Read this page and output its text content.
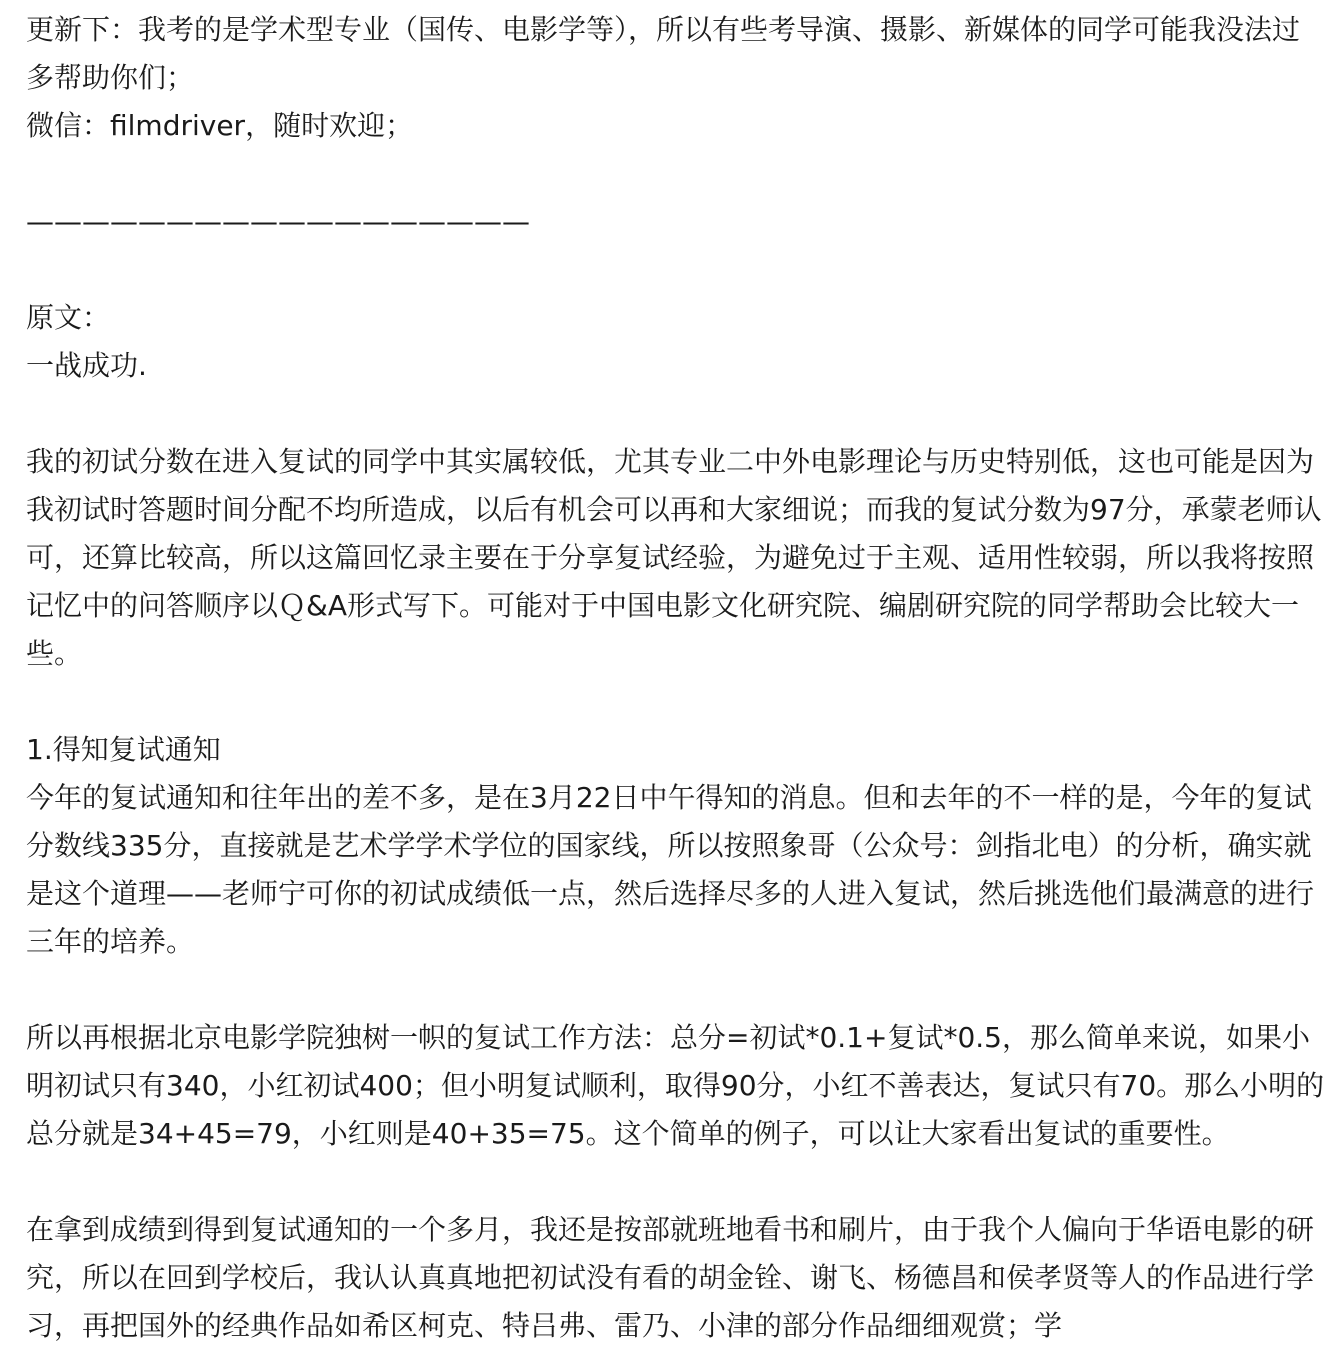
更新下：我考的是学术型专业（国传、电影学等），所以有些考导演、摄影、新媒体的同学可能我没法过多帮助你们；

微信：filmdriver，随时欢迎；

——————————————————

原文：

一战成功.

我的初试分数在进入复试的同学中其实属较低，尤其专业二中外电影理论与历史特别低，这也可能是因为我初试时答题时间分配不均所造成，以后有机会可以再和大家细说；而我的复试分数为97分，承蒙老师认可，还算比较高，所以这篇回忆录主要在于分享复试经验，为避免过于主观、适用性较弱，所以我将按照记忆中的问答顺序以Ｑ&A形式写下。可能对于中国电影文化研究院、编剧研究院的同学帮助会比较大一些。

1.得知复试通知

今年的复试通知和往年出的差不多，是在3月22日中午得知的消息。但和去年的不一样的是，今年的复试分数线335分，直接就是艺术学学术学位的国家线，所以按照象哥（公众号：剑指北电）的分析，确实就是这个道理——老师宁可你的初试成绩低一点，然后选择尽多的人进入复试，然后挑选他们最满意的进行三年的培养。

所以再根据北京电影学院独树一帜的复试工作方法：总分=初试*0.1+复试*0.5，那么简单来说，如果小明初试只有340，小红初试400；但小明复试顺利，取得90分，小红不善表达，复试只有70。那么小明的总分就是34+45=79，小红则是40+35=75。这个简单的例子，可以让大家看出复试的重要性。

在拿到成绩到得到复试通知的一个多月，我还是按部就班地看书和刷片，由于我个人偏向于华语电影的研究，所以在回到学校后，我认认真真地把初试没有看的胡金铨、谢飞、杨德昌和侯孝贤等人的作品进行学习，再把国外的经典作品如希区柯克、特吕弗、雷乃、小津的部分作品细细观赏；学
